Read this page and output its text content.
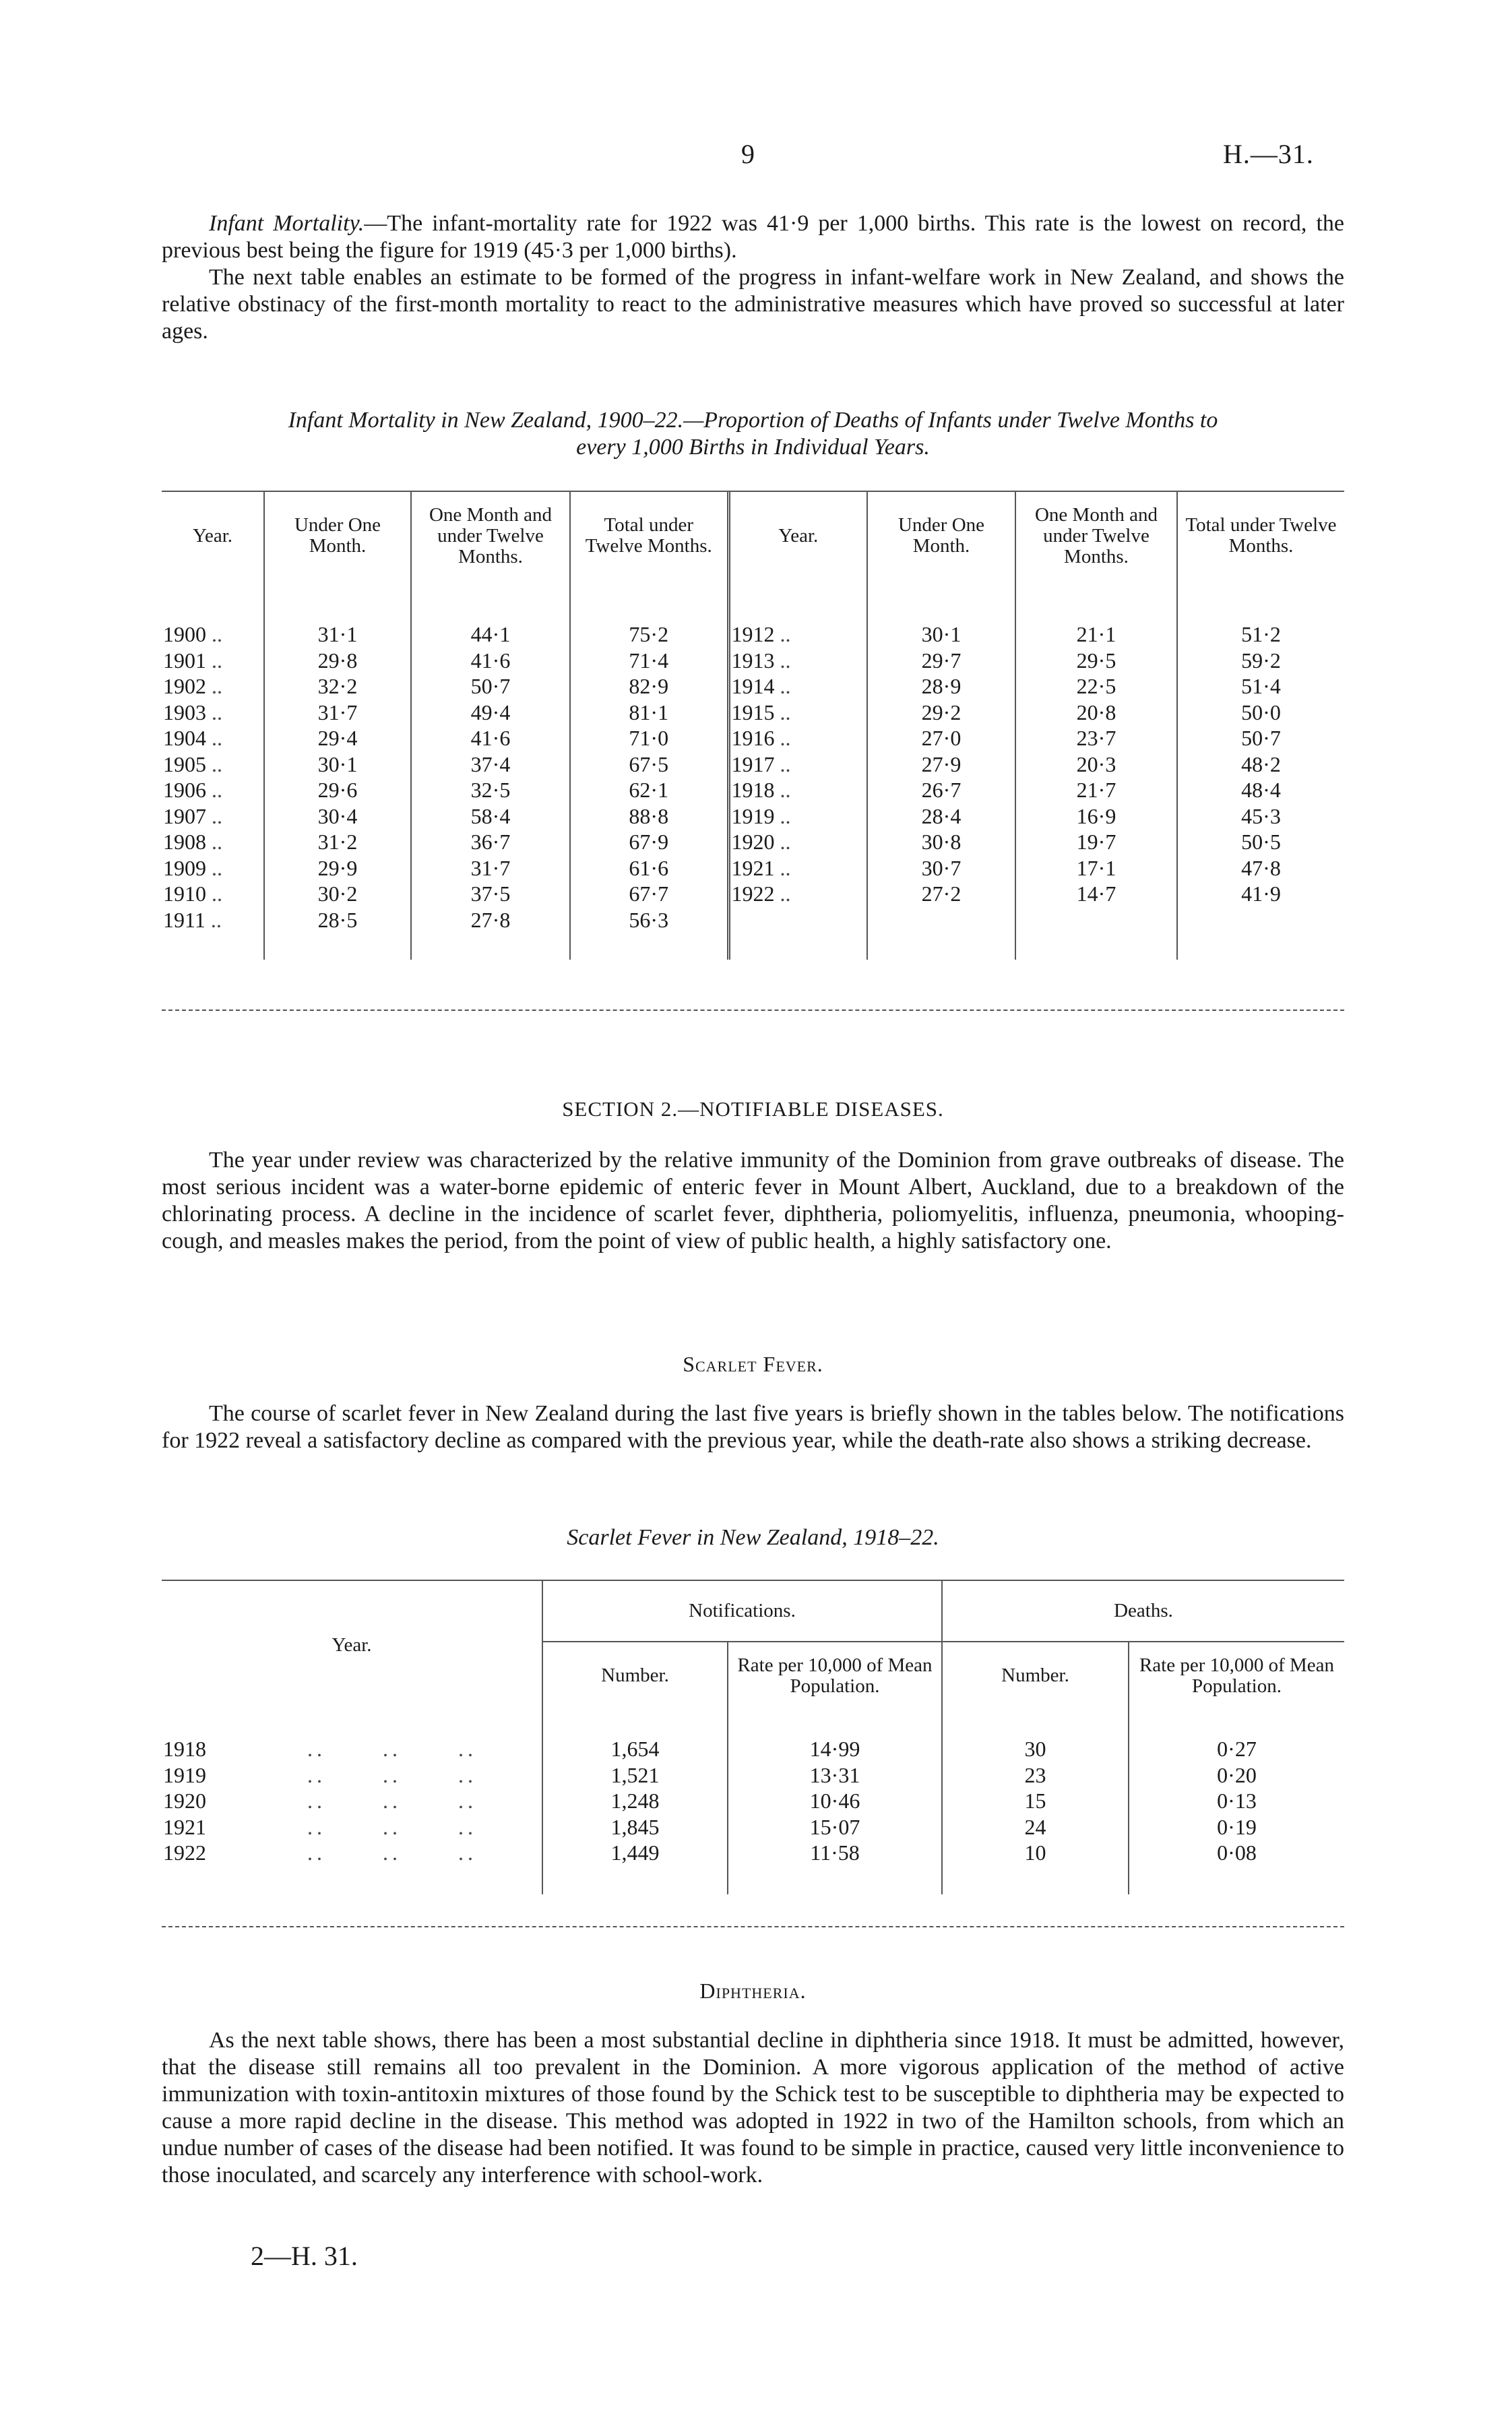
9	H.—31.

Infant Mortality.—The infant-mortality rate for 1922 was 41·9 per 1,000 births. This rate is the lowest on record, the previous best being the figure for 1919 (45·3 per 1,000 births).

The next table enables an estimate to be formed of the progress in infant-welfare work in New Zealand, and shows the relative obstinacy of the first-month mortality to react to the administrative measures which have proved so successful at later ages.

Infant Mortality in New Zealand, 1900–22.—Proportion of Deaths of Infants under Twelve Months to
every 1,000 Births in Individual Years.
Year.	Under One Month.	One Month and under Twelve Months.	Total under Twelve Months.	Year.	Under One Month.	One Month and under Twelve Months.	Total under Twelve Months.

1900 ..	31·1	44·1	75·2	1912 ..	30·1	21·1	51·2
1901 ..	29·8	41·6	71·4	1913 ..	29·7	29·5	59·2
1902 ..	32·2	50·7	82·9	1914 ..	28·9	22·5	51·4
1903 ..	31·7	49·4	81·1	1915 ..	29·2	20·8	50·0
1904 ..	29·4	41·6	71·0	1916 ..	27·0	23·7	50·7
1905 ..	30·1	37·4	67·5	1917 ..	27·9	20·3	48·2
1906 ..	29·6	32·5	62·1	1918 ..	26·7	21·7	48·4
1907 ..	30·4	58·4	88·8	1919 ..	28·4	16·9	45·3
1908 ..	31·2	36·7	67·9	1920 ..	30·8	19·7	50·5
1909 ..	29·9	31·7	61·6	1921 ..	30·7	17·1	47·8
1910 ..	30·2	37·5	67·7	1922 ..	27·2	14·7	41·9
1911 ..	28·5	27·8	56·3				

SECTION 2.—NOTIFIABLE DISEASES.

The year under review was characterized by the relative immunity of the Dominion from grave outbreaks of disease. The most serious incident was a water-borne epidemic of enteric fever in Mount Albert, Auckland, due to a breakdown of the chlorinating process. A decline in the incidence of scarlet fever, diphtheria, poliomyelitis, influenza, pneumonia, whooping-cough, and measles makes the period, from the point of view of public health, a highly satisfactory one.

Scarlet Fever.

The course of scarlet fever in New Zealand during the last five years is briefly shown in the tables below. The notifications for 1922 reveal a satisfactory decline as compared with the previous year, while the death-rate also shows a striking decrease.

Scarlet Fever in New Zealand, 1918–22.
Year.	Notifications.		Deaths.	
	Number.	Rate per 10,000 of Mean Population.	Number.	Rate per 10,000 of Mean Population.

1918 ..      ..      ..	1,654	14·99	30	0·27
1919 ..      ..      ..	1,521	13·31	23	0·20
1920 ..      ..      ..	1,248	10·46	15	0·13
1921 ..      ..      ..	1,845	15·07	24	0·19
1922 ..      ..      ..	1,449	11·58	10	0·08

Diphtheria.

As the next table shows, there has been a most substantial decline in diphtheria since 1918. It must be admitted, however, that the disease still remains all too prevalent in the Dominion. A more vigorous application of the method of active immunization with toxin-antitoxin mixtures of those found by the Schick test to be susceptible to diphtheria may be expected to cause a more rapid decline in the disease. This method was adopted in 1922 in two of the Hamilton schools, from which an undue number of cases of the disease had been notified. It was found to be simple in practice, caused very little inconvenience to those inoculated, and scarcely any interference with school-work.

2—H. 31.
